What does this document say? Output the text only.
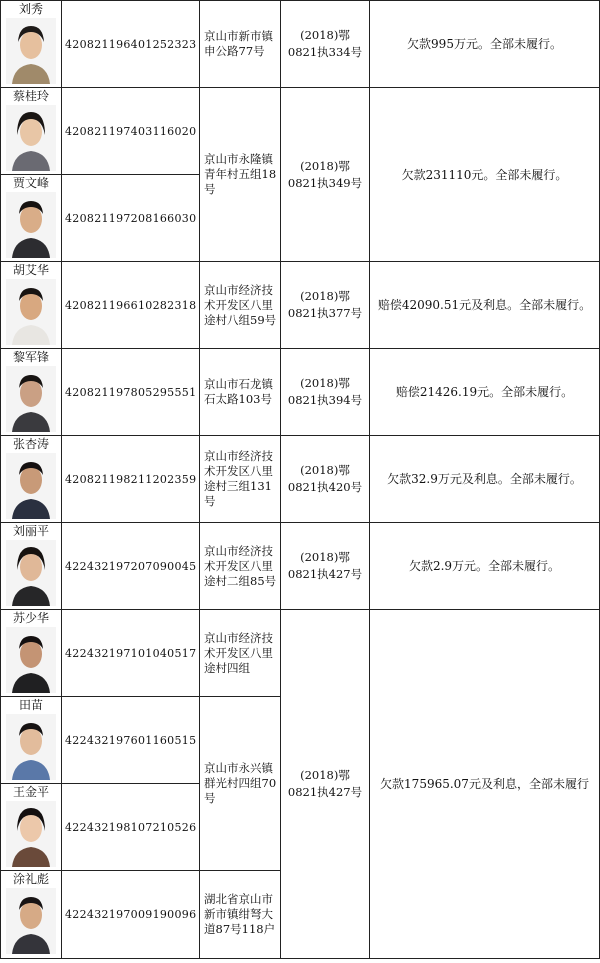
刘秀	420821196401252323	京山市新市镇申公路77号	(2018)鄂
0821执334号	欠款995万元。全部未履行。

蔡桂玲	420821197403116020	京山市永隆镇青年村五组18号	(2018)鄂
0821执349号	欠款231110元。全部未履行。

贾文峰	420821197208166030			

胡艾华	420821196610282318	京山市经济技术开发区八里途村八组59号	(2018)鄂
0821执377号	赔偿42090.51元及利息。全部未履行。

黎军锋	420821197805295551	京山市石龙镇石太路103号	(2018)鄂
0821执394号	赔偿21426.19元。全部未履行。

张杏涛	420821198211202359	京山市经济技术开发区八里途村三组131号	(2018)鄂
0821执420号	欠款32.9万元及利息。全部未履行。

刘丽平	422432197207090045	京山市经济技术开发区八里途村二组85号	(2018)鄂
0821执427号	欠款2.9万元。全部未履行。

苏少华	422432197101040517	京山市经济技术开发区八里途村四组	(2018)鄂
0821执427号	欠款175965.07元及利息，全部未履行

田苗	422432197601160515	京山市永兴镇群光村四组70号		

王金平	422432198107210526			

涂礼彪	422432197009190096	湖北省京山市新市镇绀弩大道87号118户		
